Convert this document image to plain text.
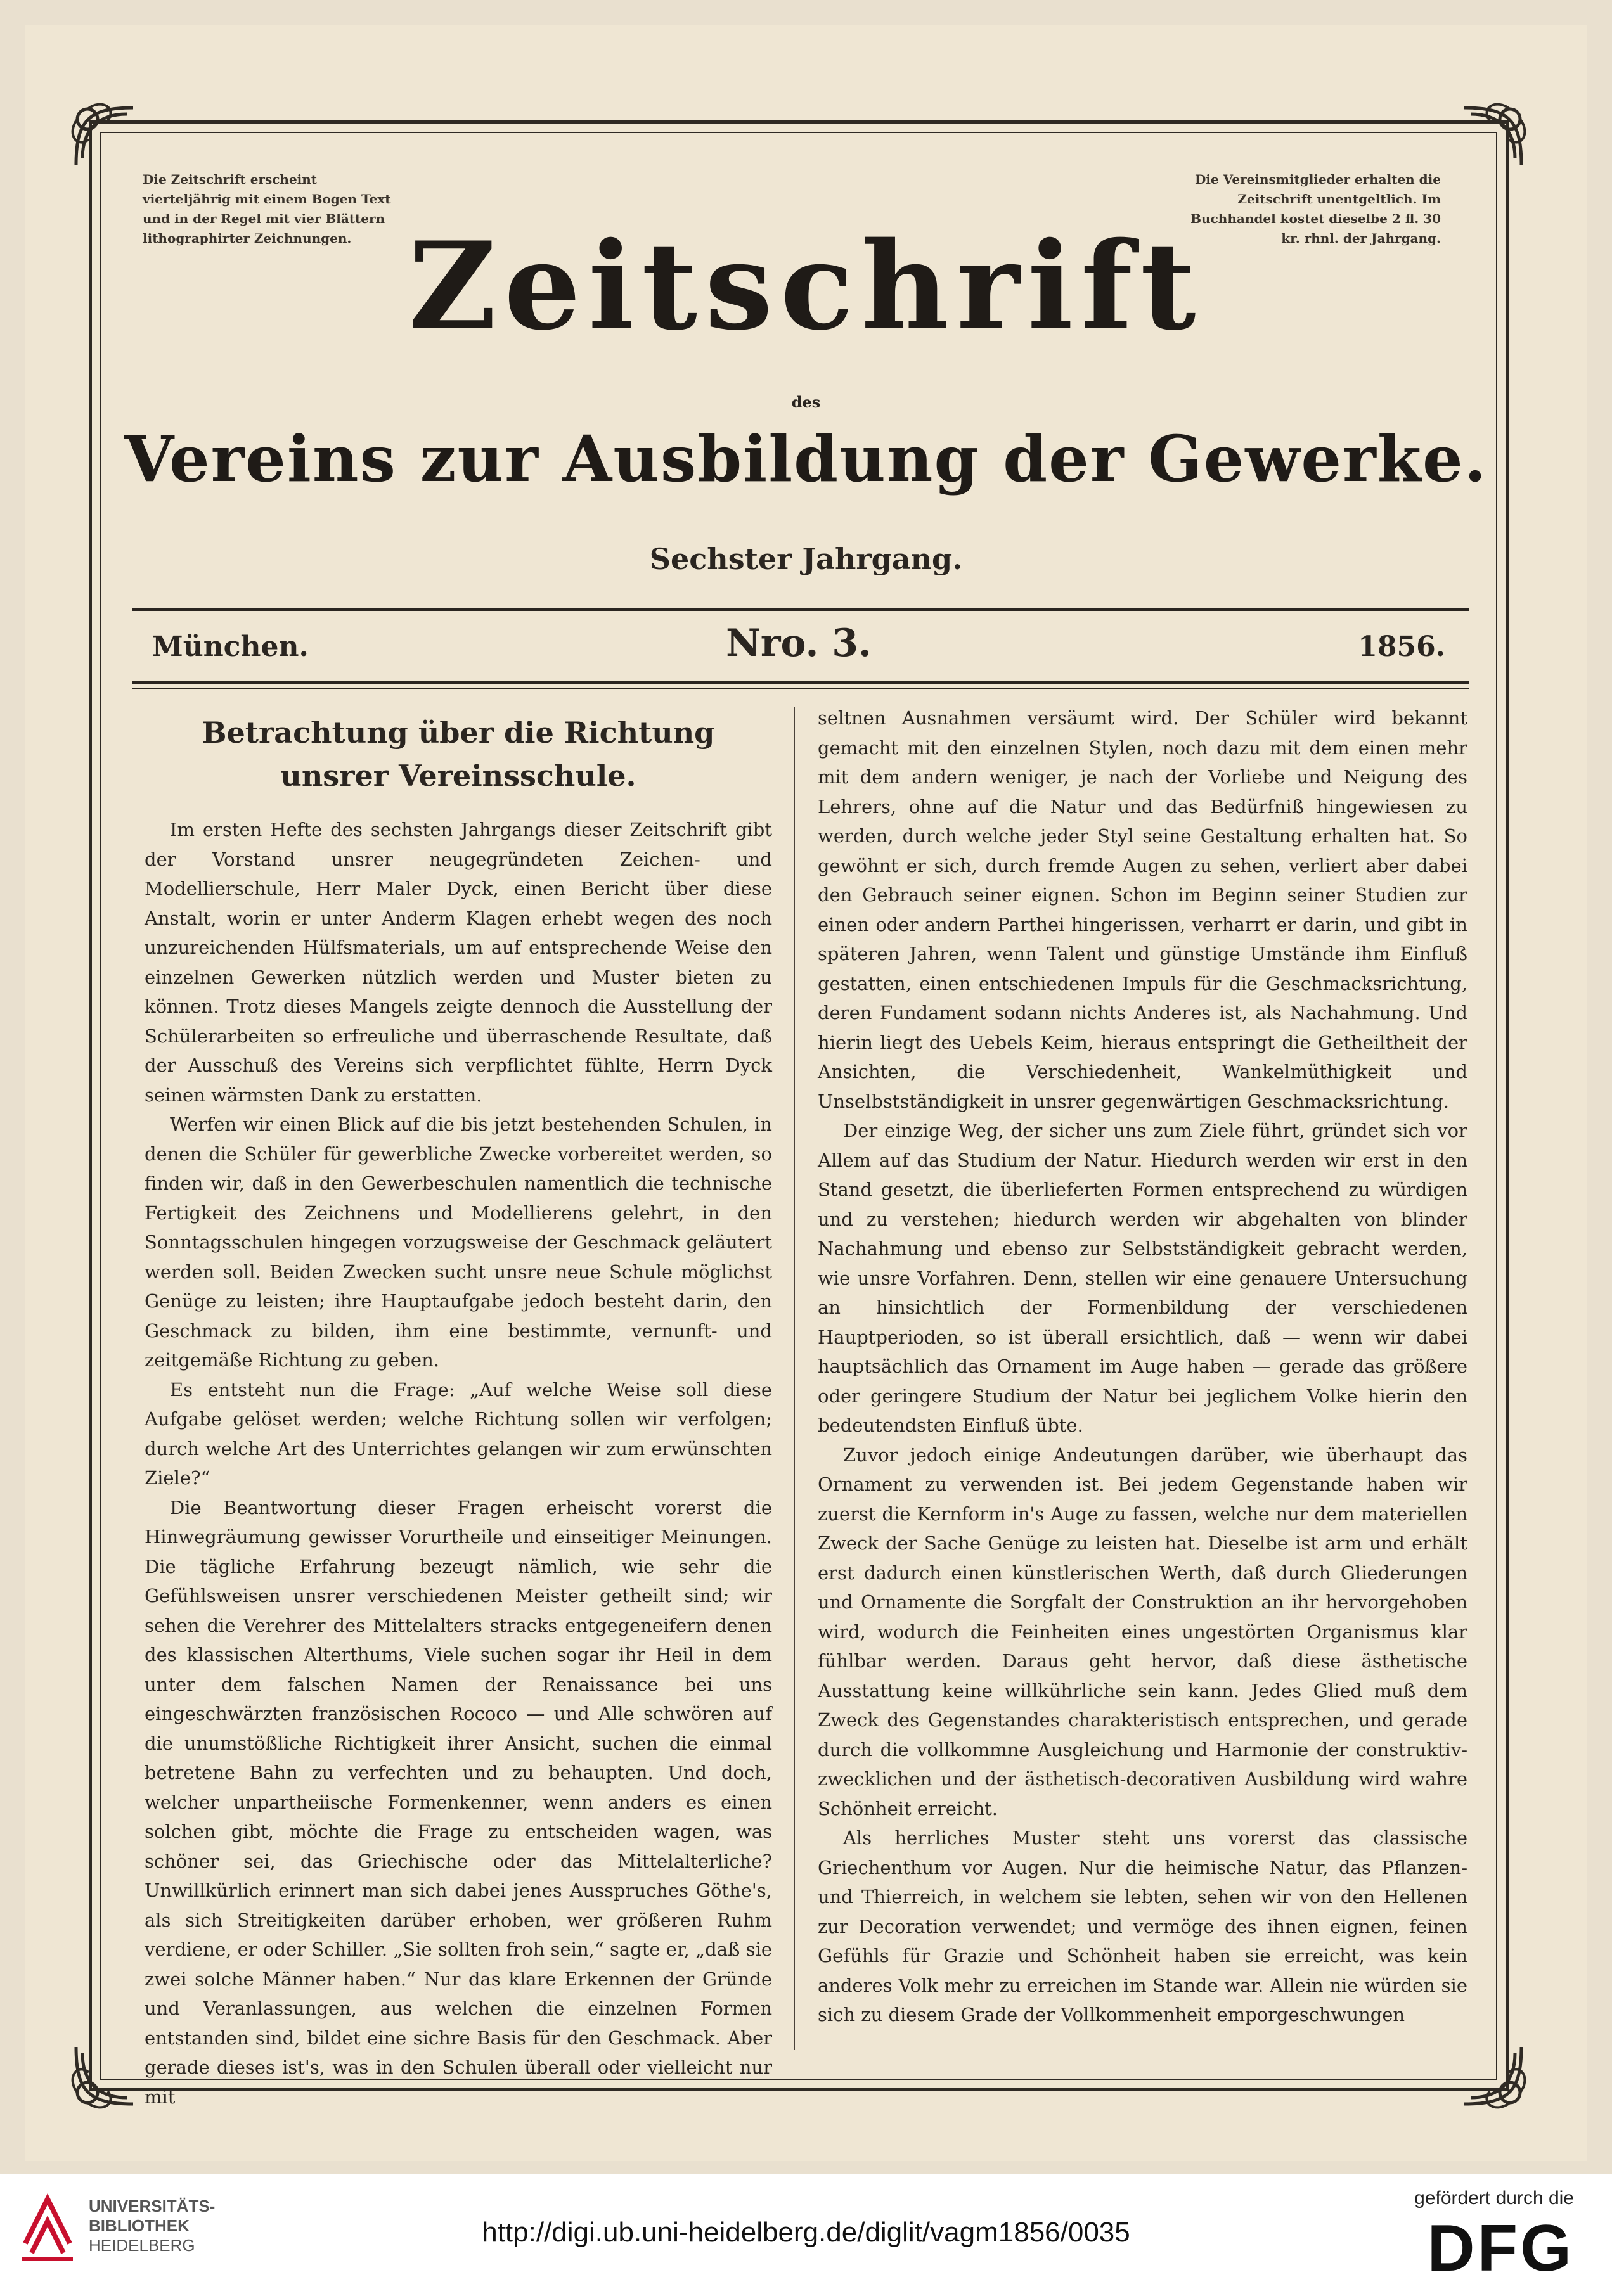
Die Zeitschrift erscheint vierteljährig mit einem Bogen Text und in der Regel mit vier Blättern lithographirter Zeichnungen.
Die Vereinsmitglieder erhalten die Zeitschrift unentgeltlich. Im Buchhandel kostet dieselbe 2 fl. 30 kr. rhnl. der Jahrgang.
Zeitschrift
des
Vereins zur Ausbildung der Gewerke.
Sechster Jahrgang.
München.	Nro. 3.	1856.
Betrachtung über die Richtung unsrer Vereinsschule.

Im ersten Hefte des sechsten Jahrgangs dieser Zeitschrift gibt der Vorstand unsrer neugegründeten Zeichen- und Modellierschule, Herr Maler Dyck, einen Bericht über diese Anstalt, worin er unter Anderm Klagen erhebt wegen des noch unzureichenden Hülfsmaterials, um auf entsprechende Weise den einzelnen Gewerken nützlich werden und Muster bieten zu können. Trotz dieses Mangels zeigte dennoch die Ausstellung der Schülerarbeiten so erfreuliche und überraschende Resultate, daß der Ausschuß des Vereins sich verpflichtet fühlte, Herrn Dyck seinen wärmsten Dank zu erstatten.

Werfen wir einen Blick auf die bis jetzt bestehenden Schulen, in denen die Schüler für gewerbliche Zwecke vorbereitet werden, so finden wir, daß in den Gewerbeschulen namentlich die technische Fertigkeit des Zeichnens und Modellierens gelehrt, in den Sonntagsschulen hingegen vorzugsweise der Geschmack geläutert werden soll. Beiden Zwecken sucht unsre neue Schule möglichst Genüge zu leisten; ihre Hauptaufgabe jedoch besteht darin, den Geschmack zu bilden, ihm eine bestimmte, vernunft- und zeitgemäße Richtung zu geben.

Es entsteht nun die Frage: „Auf welche Weise soll diese Aufgabe gelöset werden; welche Richtung sollen wir verfolgen; durch welche Art des Unterrichtes gelangen wir zum erwünschten Ziele?“

Die Beantwortung dieser Fragen erheischt vorerst die Hinwegräumung gewisser Vorurtheile und einseitiger Meinungen. Die tägliche Erfahrung bezeugt nämlich, wie sehr die Gefühlsweisen unsrer verschiedenen Meister getheilt sind; wir sehen die Verehrer des Mittelalters stracks entgegeneifern denen des klassischen Alterthums, Viele suchen sogar ihr Heil in dem unter dem falschen Namen der Renaissance bei uns eingeschwärzten französischen Rococo — und Alle schwören auf die unumstößliche Richtigkeit ihrer Ansicht, suchen die einmal betretene Bahn zu verfechten und zu behaupten. Und doch, welcher unpartheiische Formenkenner, wenn anders es einen solchen gibt, möchte die Frage zu entscheiden wagen, was schöner sei, das Griechische oder das Mittelalterliche? Unwillkürlich erinnert man sich dabei jenes Ausspruches Göthe's, als sich Streitigkeiten darüber erhoben, wer größeren Ruhm verdiene, er oder Schiller. „Sie sollten froh sein,“ sagte er, „daß sie zwei solche Männer haben.“ Nur das klare Erkennen der Gründe und Veranlassungen, aus welchen die einzelnen Formen entstanden sind, bildet eine sichre Basis für den Geschmack. Aber gerade dieses ist's, was in den Schulen überall oder vielleicht nur mit

seltnen Ausnahmen versäumt wird. Der Schüler wird bekannt gemacht mit den einzelnen Stylen, noch dazu mit dem einen mehr mit dem andern weniger, je nach der Vorliebe und Neigung des Lehrers, ohne auf die Natur und das Bedürfniß hingewiesen zu werden, durch welche jeder Styl seine Gestaltung erhalten hat. So gewöhnt er sich, durch fremde Augen zu sehen, verliert aber dabei den Gebrauch seiner eignen. Schon im Beginn seiner Studien zur einen oder andern Parthei hingerissen, verharrt er darin, und gibt in späteren Jahren, wenn Talent und günstige Umstände ihm Einfluß gestatten, einen entschiedenen Impuls für die Geschmacksrichtung, deren Fundament sodann nichts Anderes ist, als Nachahmung. Und hierin liegt des Uebels Keim, hieraus entspringt die Getheiltheit der Ansichten, die Verschiedenheit, Wankelmüthigkeit und Unselbstständigkeit in unsrer gegenwärtigen Geschmacksrichtung.

Der einzige Weg, der sicher uns zum Ziele führt, gründet sich vor Allem auf das Studium der Natur. Hiedurch werden wir erst in den Stand gesetzt, die überlieferten Formen entsprechend zu würdigen und zu verstehen; hiedurch werden wir abgehalten von blinder Nachahmung und ebenso zur Selbstständigkeit gebracht werden, wie unsre Vorfahren. Denn, stellen wir eine genauere Untersuchung an hinsichtlich der Formenbildung der verschiedenen Hauptperioden, so ist überall ersichtlich, daß — wenn wir dabei hauptsächlich das Ornament im Auge haben — gerade das größere oder geringere Studium der Natur bei jeglichem Volke hierin den bedeutendsten Einfluß übte.

Zuvor jedoch einige Andeutungen darüber, wie überhaupt das Ornament zu verwenden ist. Bei jedem Gegenstande haben wir zuerst die Kernform in's Auge zu fassen, welche nur dem materiellen Zweck der Sache Genüge zu leisten hat. Dieselbe ist arm und erhält erst dadurch einen künstlerischen Werth, daß durch Gliederungen und Ornamente die Sorgfalt der Construktion an ihr hervorgehoben wird, wodurch die Feinheiten eines ungestörten Organismus klar fühlbar werden. Daraus geht hervor, daß diese ästhetische Ausstattung keine willkührliche sein kann. Jedes Glied muß dem Zweck des Gegenstandes charakteristisch entsprechen, und gerade durch die vollkommne Ausgleichung und Harmonie der construktiv-zwecklichen und der ästhetisch-decorativen Ausbildung wird wahre Schönheit erreicht.

Als herrliches Muster steht uns vorerst das classische Griechenthum vor Augen. Nur die heimische Natur, das Pflanzen- und Thierreich, in welchem sie lebten, sehen wir von den Hellenen zur Decoration verwendet; und vermöge des ihnen eignen, feinen Gefühls für Grazie und Schönheit haben sie erreicht, was kein anderes Volk mehr zu erreichen im Stande war. Allein nie würden sie sich zu diesem Grade der Vollkommenheit emporgeschwungen

UNIVERSITÄTS-
BIBLIOTHEK
HEIDELBERG	http://digi.ub.uni-heidelberg.de/diglit/vagm1856/0035
gefördert durch die
DFG
